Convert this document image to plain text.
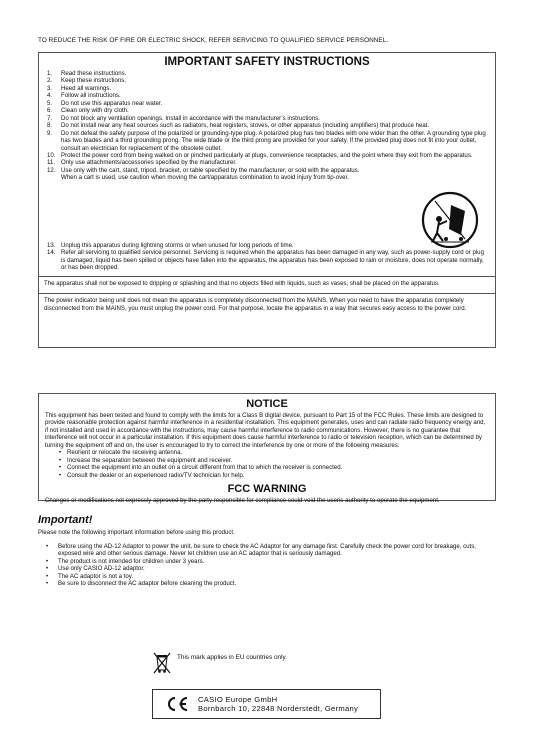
TO REDUCE THE RISK OF FIRE OR ELECTRIC SHOCK, REFER SERVICING TO QUALIFIED SERVICE PERSONNEL.
IMPORTANT SAFETY INSTRUCTIONS
1.	Read these instructions.
2.	Keep these instructions.
3.	Heed all warnings.
4.	Follow all instructions.
5.	Do not use this apparatus near water.
6.	Clean only with dry cloth.
7.	Do not block any ventilation openings. Install in accordance with the manufacturer’s instructions.
8.	Do not install near any heat sources such as radiators, heat registers, stoves, or other apparatus (including amplifiers) that produce heat.
9.	Do not defeat the safety purpose of the polarized or grounding-type plug. A polarized plug has two blades with one wider than the other. A grounding type plug has two blades and a third grounding prong. The wide blade or the third prong are provided for your safety. If the provided plug does not fit into your outlet, consult an electrician for replacement of the obsolete outlet.
10. Protect the power cord from being walked on or pinched particularly at plugs, convenience receptacles, and the point where they exit from the apparatus.
11. Only use attachments/accessories specified by the manufacturer.
12. Use only with the cart, stand, tripod, bracket, or table specified by the manufacturer, or sold with the apparatus. When a cart is used, use caution when moving the cart/apparatus combination to avoid injury from tip-over.
13. Unplug this apparatus during lightning storms or when unused for long periods of time.
14. Refer all servicing to qualified service personnel. Servicing is required when the apparatus has been damaged in any way, such as power-supply cord or plug is damaged, liquid has been spilled or objects have fallen into the apparatus, the apparatus has been exposed to rain or moisture, does not operate normally, or has been dropped.
The apparatus shall not be exposed to dripping or splashing and that no objects filled with liquids, such as vases, shall be placed on the apparatus.
The power indicator being unit does not mean the apparatus is completely disconnected from the MAINS. When you need to have the apparatus completely disconnected from the MAINS, you must unplug the power cord. For that purpose, locate the apparatus in a way that secures easy access to the power cord.
NOTICE
This equipment has been tested and found to comply with the limits for a Class B digital device, pursuant to Part 15 of the FCC Rules. These limits are designed to provide reasonable protection against harmful interference in a residential installation. This equipment generates, uses and can radiate radio frequency energy and, if not installed and used in accordance with the instructions, may cause harmful interference to radio communications. However, there is no guarantee that interference will not occur in a particular installation. If this equipment does cause harmful interference to radio or television reception, which can be determined by turning the equipment off and on, the user is encouraged to try to correct the interference by one or more of the following measures:
• Reorient or relocate the receiving antenna.
• Increase the separation between the equipment and receiver.
• Connect the equipment into an outlet on a circuit different from that to which the receiver is connected.
• Consult the dealer or an experienced radio/TV technician for help.
FCC WARNING
Changes or modifications not expressly approved by the party responsible for compliance could void the useris authority to operate the equipment.
Important!
Please note the following important information before using this product.
• Before using the AD-12 Adaptor to power the unit, be sure to check the AC Adaptor for any damage first. Carefully check the power cord for breakage, cuts, exposed wire and other serious damage. Never let children use an AC adaptor that is seriously damaged.
• The product is not intended for children under 3 years.
• Use only CASIO AD-12 adaptor.
• The AC adaptor is not a toy.
• Be sure to disconnect the AC adaptor before cleaning the product.
This mark applies in EU countries only.
CASIO Europe GmbH
Bornbarch 10, 22848 Norderstedt, Germany
